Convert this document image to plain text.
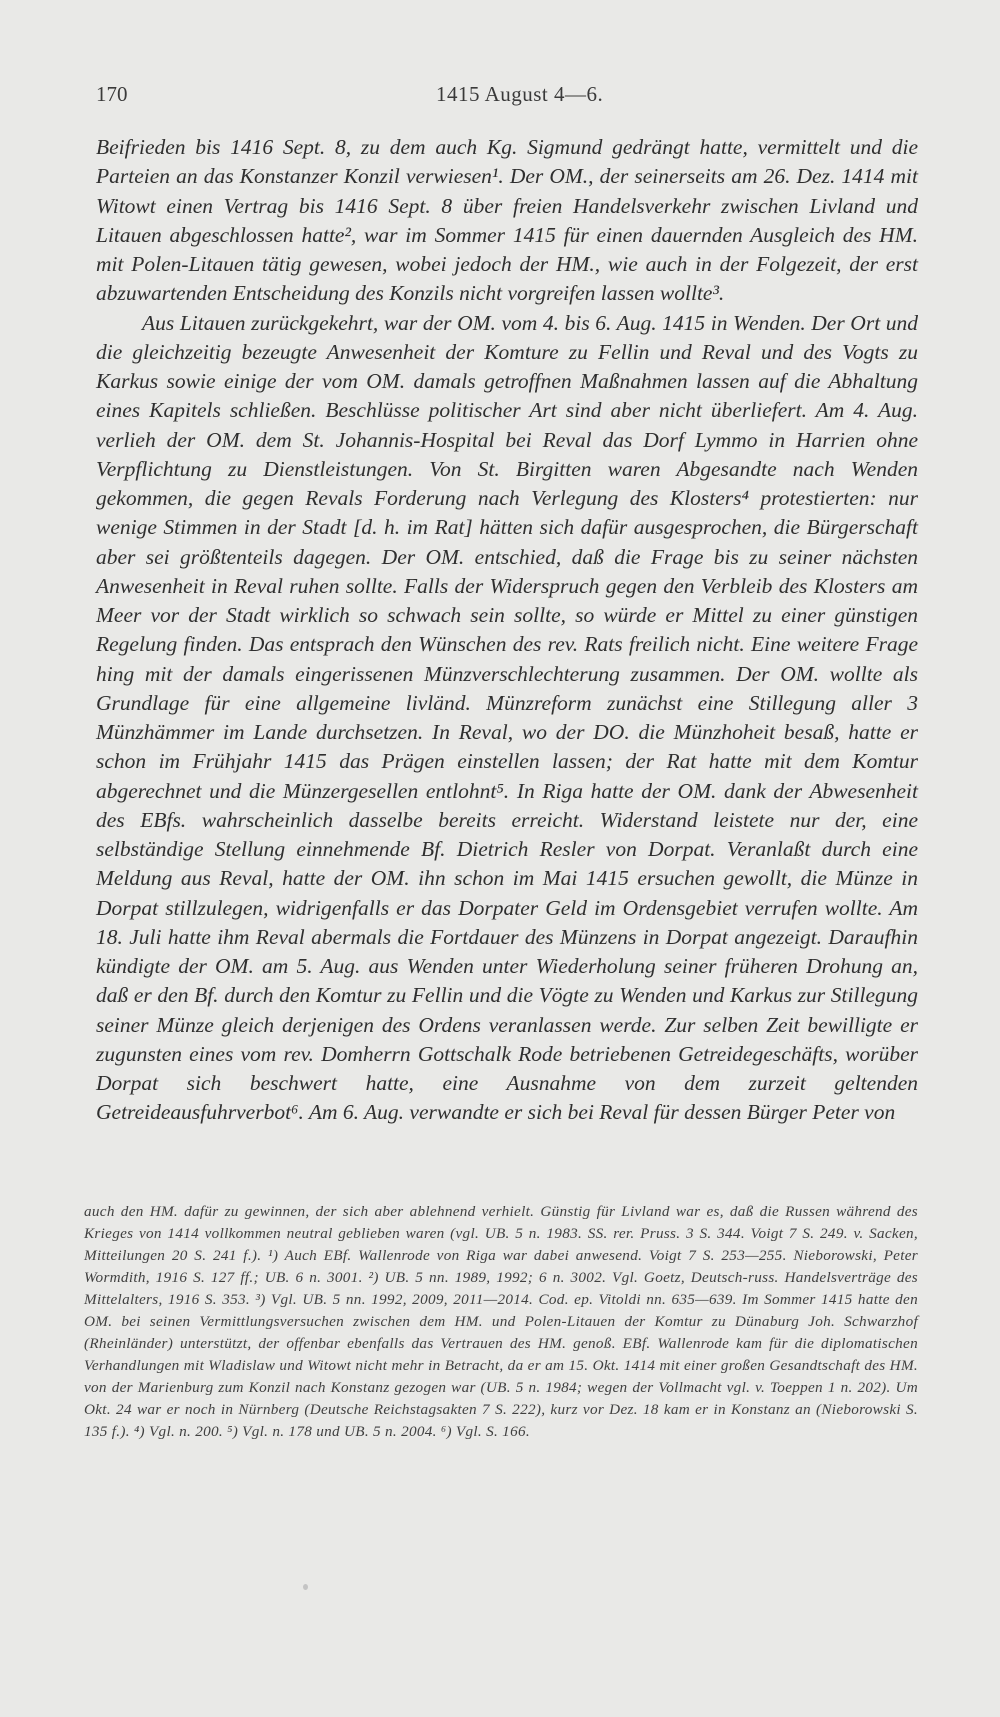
170	1415 August 4—6.

Beifrieden bis 1416 Sept. 8, zu dem auch Kg. Sigmund gedrängt hatte, vermittelt und die Parteien an das Konstanzer Konzil verwiesen¹. Der OM., der seinerseits am 26. Dez. 1414 mit Witowt einen Vertrag bis 1416 Sept. 8 über freien Handelsverkehr zwischen Livland und Litauen abgeschlossen hatte², war im Sommer 1415 für einen dauernden Ausgleich des HM. mit Polen-Litauen tätig gewesen, wobei jedoch der HM., wie auch in der Folgezeit, der erst abzuwartenden Entscheidung des Konzils nicht vorgreifen lassen wollte³.

Aus Litauen zurückgekehrt, war der OM. vom 4. bis 6. Aug. 1415 in Wenden. Der Ort und die gleichzeitig bezeugte Anwesenheit der Komture zu Fellin und Reval und des Vogts zu Karkus sowie einige der vom OM. damals getroffnen Maßnahmen lassen auf die Abhaltung eines Kapitels schließen. Beschlüsse politischer Art sind aber nicht überliefert. Am 4. Aug. verlieh der OM. dem St. Johannis-Hospital bei Reval das Dorf Lymmo in Harrien ohne Verpflichtung zu Dienstleistungen. Von St. Birgitten waren Abgesandte nach Wenden gekommen, die gegen Revals Forderung nach Verlegung des Klosters⁴ protestierten: nur wenige Stimmen in der Stadt [d. h. im Rat] hätten sich dafür ausgesprochen, die Bürgerschaft aber sei größtenteils dagegen. Der OM. entschied, daß die Frage bis zu seiner nächsten Anwesenheit in Reval ruhen sollte. Falls der Widerspruch gegen den Verbleib des Klosters am Meer vor der Stadt wirklich so schwach sein sollte, so würde er Mittel zu einer günstigen Regelung finden. Das entsprach den Wünschen des rev. Rats freilich nicht. Eine weitere Frage hing mit der damals eingerissenen Münzverschlechterung zusammen. Der OM. wollte als Grundlage für eine allgemeine livländ. Münzreform zunächst eine Stillegung aller 3 Münzhämmer im Lande durchsetzen. In Reval, wo der DO. die Münzhoheit besaß, hatte er schon im Frühjahr 1415 das Prägen einstellen lassen; der Rat hatte mit dem Komtur abgerechnet und die Münzergesellen entlohnt⁵. In Riga hatte der OM. dank der Abwesenheit des EBfs. wahrscheinlich dasselbe bereits erreicht. Widerstand leistete nur der, eine selbständige Stellung einnehmende Bf. Dietrich Resler von Dorpat. Veranlaßt durch eine Meldung aus Reval, hatte der OM. ihn schon im Mai 1415 ersuchen gewollt, die Münze in Dorpat stillzulegen, widrigenfalls er das Dorpater Geld im Ordensgebiet verrufen wollte. Am 18. Juli hatte ihm Reval abermals die Fortdauer des Münzens in Dorpat angezeigt. Daraufhin kündigte der OM. am 5. Aug. aus Wenden unter Wiederholung seiner früheren Drohung an, daß er den Bf. durch den Komtur zu Fellin und die Vögte zu Wenden und Karkus zur Stillegung seiner Münze gleich derjenigen des Ordens veranlassen werde. Zur selben Zeit bewilligte er zugunsten eines vom rev. Domherrn Gottschalk Rode betriebenen Getreidegeschäfts, worüber Dorpat sich beschwert hatte, eine Ausnahme von dem zurzeit geltenden Getreideausfuhrverbot⁶. Am 6. Aug. verwandte er sich bei Reval für dessen Bürger Peter von

auch den HM. dafür zu gewinnen, der sich aber ablehnend verhielt. Günstig für Livland war es, daß die Russen während des Krieges von 1414 vollkommen neutral geblieben waren (vgl. UB. 5 n. 1983. SS. rer. Pruss. 3 S. 344. Voigt 7 S. 249. v. Sacken, Mitteilungen 20 S. 241 f.). ¹) Auch EBf. Wallenrode von Riga war dabei anwesend. Voigt 7 S. 253—255. Nieborowski, Peter Wormdith, 1916 S. 127 ff.; UB. 6 n. 3001. ²) UB. 5 nn. 1989, 1992; 6 n. 3002. Vgl. Goetz, Deutsch-russ. Handelsverträge des Mittelalters, 1916 S. 353. ³) Vgl. UB. 5 nn. 1992, 2009, 2011—2014. Cod. ep. Vitoldi nn. 635—639. Im Sommer 1415 hatte den OM. bei seinen Vermittlungsversuchen zwischen dem HM. und Polen-Litauen der Komtur zu Dünaburg Joh. Schwarzhof (Rheinländer) unterstützt, der offenbar ebenfalls das Vertrauen des HM. genoß. EBf. Wallenrode kam für die diplomatischen Verhandlungen mit Wladislaw und Witowt nicht mehr in Betracht, da er am 15. Okt. 1414 mit einer großen Gesandtschaft des HM. von der Marienburg zum Konzil nach Konstanz gezogen war (UB. 5 n. 1984; wegen der Vollmacht vgl. v. Toeppen 1 n. 202). Um Okt. 24 war er noch in Nürnberg (Deutsche Reichstagsakten 7 S. 222), kurz vor Dez. 18 kam er in Konstanz an (Nieborowski S. 135 f.). ⁴) Vgl. n. 200. ⁵) Vgl. n. 178 und UB. 5 n. 2004. ⁶) Vgl. S. 166.
